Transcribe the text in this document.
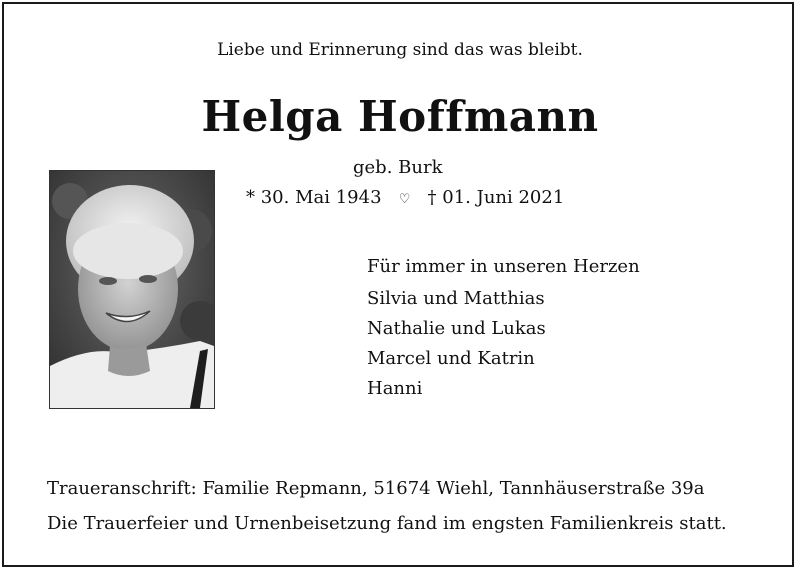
Liebe und Erinnerung sind das was bleibt.
Helga Hoffmann
geb. Burk
* 30. Mai 1943 ♡ † 01. Juni 2021
Für immer in unseren Herzen
Silvia und Matthias
Nathalie und Lukas
Marcel und Katrin
Hanni
Traueranschrift: Familie Repmann, 51674 Wiehl, Tannhäuserstraße 39a
Die Trauerfeier und Urnenbeisetzung fand im engsten Familienkreis statt.
